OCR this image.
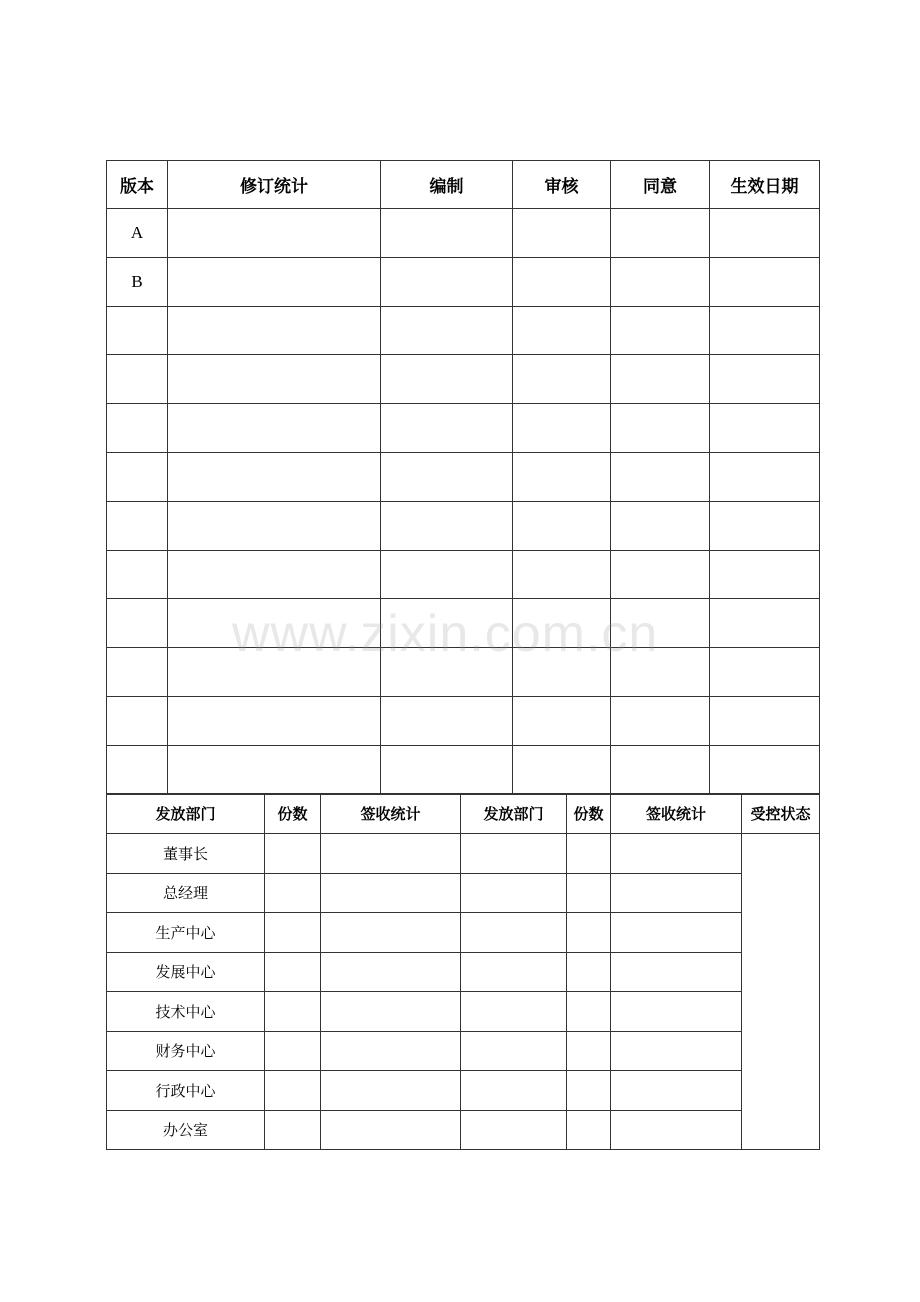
版本	修订统计	编制	审核	同意	生效日期
A					
B					

发放部门	份数	签收统计	发放部门	份数	签收统计	受控状态
董事长						
总经理						
生产中心						
发展中心						
技术中心						
财务中心						
行政中心						
办公室						
www.zixin.com.cn
